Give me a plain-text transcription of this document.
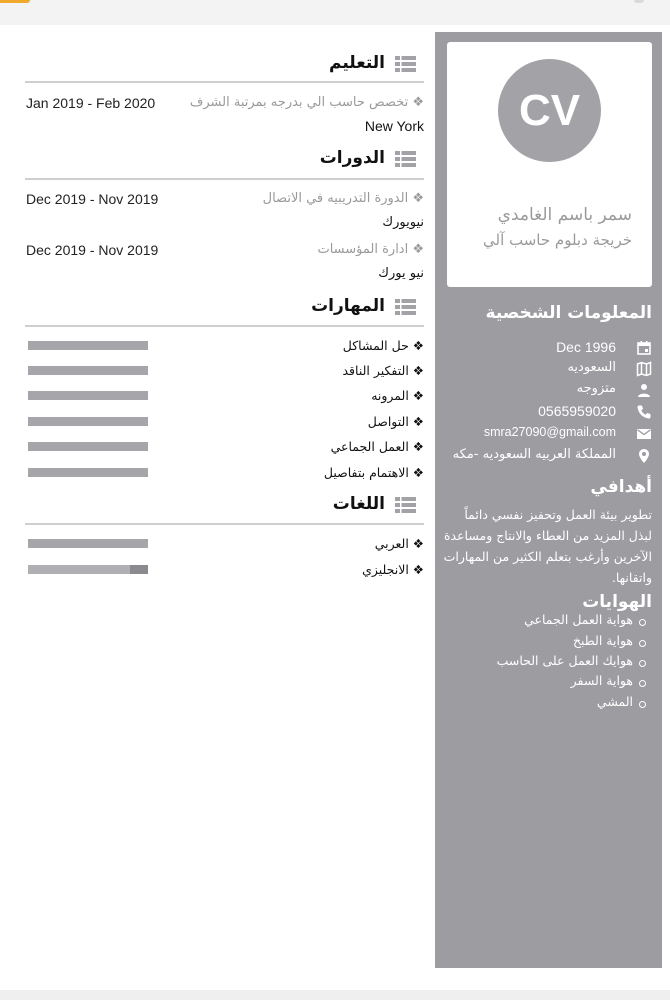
CV
سمر باسم الغامدي
خريجة دبلوم حاسب آلي
المعلومات الشخصية
Dec 1996
السعوديه
متزوجه
0565959020
smra27090@gmail.com
المملكة العربيه السعوديه -مكه
أهدافي
تطوير بيئة العمل وتحفيز نفسي دائماً لبذل المزيد من العطاء والانتاج ومساعدة الآخرين وأرغب بتعلم الكثير من المهارات واتقانها.
الهوايات
هواية العمل الجماعي
هواية الطبخ
هوايك العمل على الحاسب
هواية السفر
المشي
التعليم
❖ تخصص حاسب الي بدرجه بمرتبة الشرف
Jan 2019 - Feb 2020
New York
الدورات
❖ الدورة التدريبيه في الاتصال
Dec 2019 - Nov 2019
نيويورك
❖ ادارة المؤسسات
Dec 2019 - Nov 2019
نيو يورك
المهارات
❖ حل المشاكل
❖ التفكير الناقد
❖ المرونه
❖ التواصل
❖ العمل الجماعي
❖ الاهتمام بتفاصيل
اللغات
❖ العربي
❖ الانجليزي
